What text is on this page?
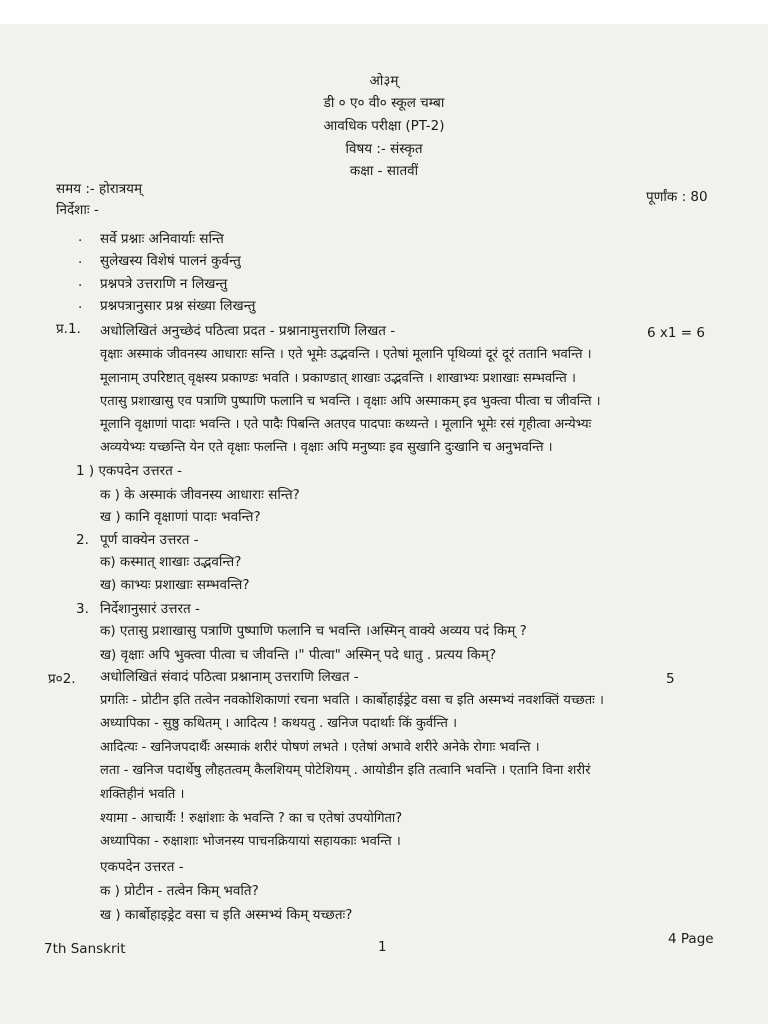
ओ३म्
डी ० ए० वी० स्कूल चम्बा
आवधिक परीक्षा (PT-2)
विषय :- संस्कृत
कक्षा - सातवीं
समय :- होरात्रयम्	पूर्णांक : 80
निर्देशाः -
. सर्वे प्रश्नाः अनिवार्याः सन्ति
. सुलेखस्य विशेषं पालनं कुर्वन्तु
. प्रश्नपत्रे उत्तराणि न लिखन्तु
. प्रश्नपत्रानुसार प्रश्न संख्या लिखन्तु
प्र.1. अधोलिखितं अनुच्छेदं पठित्वा प्रदत - प्रश्नानामुत्तराणि लिखत -	6 x1 = 6
वृक्षाः अस्माकं जीवनस्य आधाराः सन्ति । एते भूमेः उद्भवन्ति । एतेषां मूलानि पृथिव्यां दूरं दूरं ततानि भवन्ति ।
मूलानाम् उपरिष्टात् वृक्षस्य प्रकाण्डः भवति । प्रकाण्डात् शाखाः उद्भवन्ति । शाखाभ्यः प्रशाखाः सम्भवन्ति ।
एतासु प्रशाखासु एव पत्राणि पुष्पाणि फलानि च भवन्ति । वृक्षाः अपि अस्माकम् इव भुक्त्वा पीत्वा च जीवन्ति ।
मूलानि वृक्षाणां पादाः भवन्ति । एते पादैः पिबन्ति अतएव पादपाः कथ्यन्ते । मूलानि भूमेः रसं गृहीत्वा अन्येभ्यः
अव्ययेभ्यः यच्छन्ति येन एते वृक्षाः फलन्ति । वृक्षाः अपि मनुष्याः इव सुखानि दुःखानि च अनुभवन्ति ।
1 ) एकपदेन उत्तरत -
क ) के अस्माकं जीवनस्य आधाराः सन्ति?
ख ) कानि वृक्षाणां पादाः भवन्ति?
2. पूर्ण वाक्येन उत्तरत -
क) कस्मात् शाखाः उद्भवन्ति?
ख) काभ्यः प्रशाखाः सम्भवन्ति?
3. निर्देशानुसारं उत्तरत -
क) एतासु प्रशाखासु पत्राणि पुष्पाणि फलानि च भवन्ति ।अस्मिन् वाक्ये अव्यय पदं किम् ?
ख) वृक्षाः अपि भुक्त्वा पीत्वा च जीवन्ति ।" पीत्वा" अस्मिन् पदे धातु . प्रत्यय किम्?
प्र०2. अधोलिखितं संवादं पठित्वा प्रश्नानाम् उत्तराणि लिखत -	5
प्रगतिः - प्रोटीन इति तत्वेन नवकोशिकाणां रचना भवति । कार्बोहाईड्रेट वसा च इति अस्मभ्यं नवशक्तिं यच्छतः ।
अध्यापिका - सुष्ठु कथितम् । आदित्य ! कथयतु . खनिज पदार्थाः किं कुर्वन्ति ।
आदित्यः - खनिजपदार्थैः अस्माकं शरीरं पोषणं लभते । एतेषां अभावे शरीरे अनेके रोगाः भवन्ति ।
लता - खनिज पदार्थेषु लौहतत्वम् कैलशियम् पोटेशियम् . आयोडीन इति तत्वानि भवन्ति । एतानि विना शरीरं
शक्तिहीनं भवति ।
श्यामा - आचार्यैः ! रुक्षांशाः के भवन्ति ? का च एतेषां उपयोगिता?
अध्यापिका - रुक्षाशाः भोजनस्य पाचनक्रियायां सहायकाः भवन्ति ।
एकपदेन उत्तरत -
क ) प्रोटीन - तत्वेन किम् भवति?
ख ) कार्बोहाइड्रेट वसा च इति अस्मभ्यं किम् यच्छतः?
7th Sanskrit	1	4 Page
